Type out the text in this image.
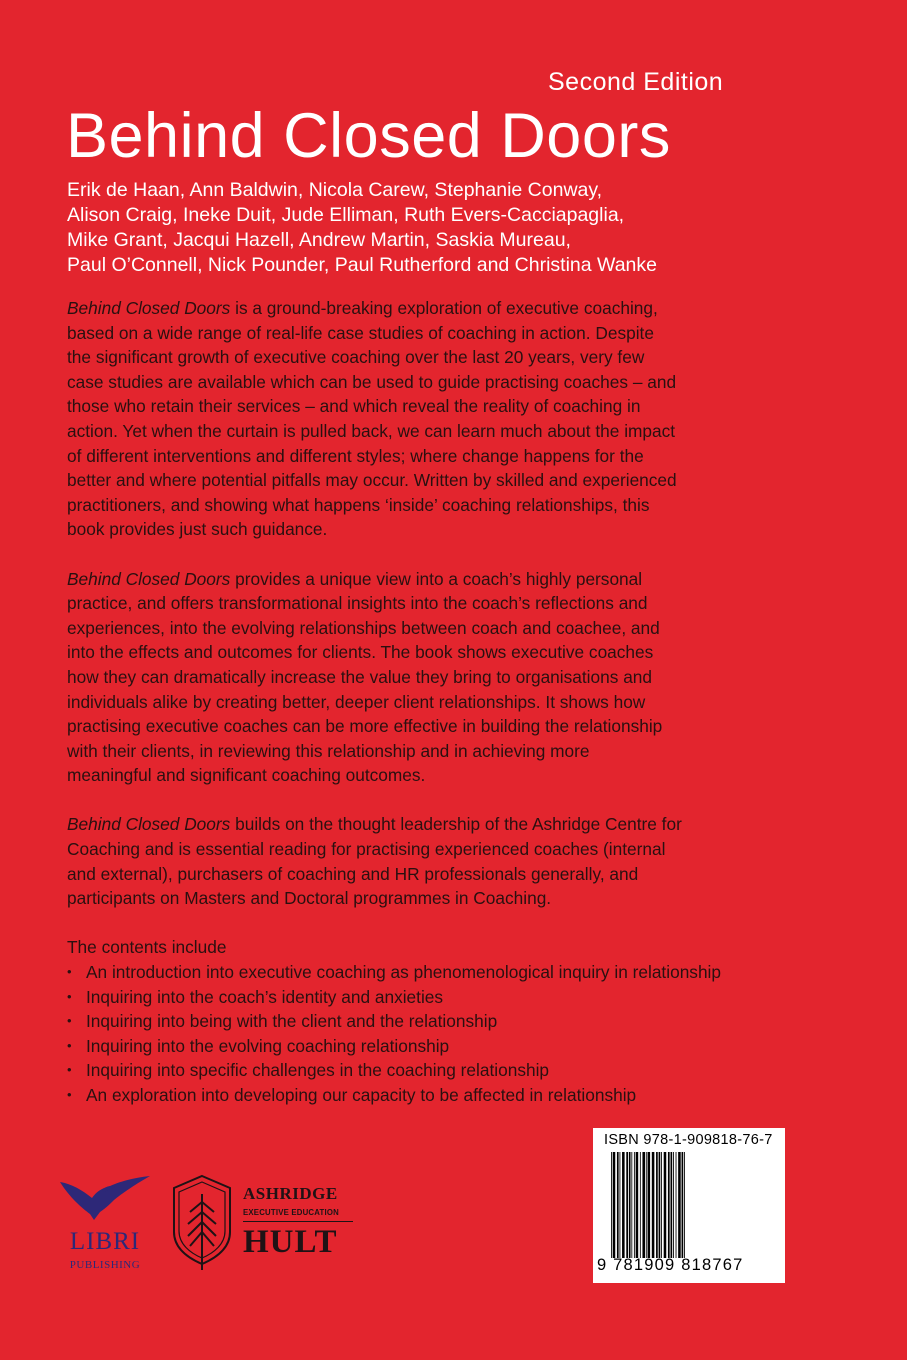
Second Edition
Behind Closed Doors
Erik de Haan, Ann Baldwin, Nicola Carew, Stephanie Conway,
Alison Craig, Ineke Duit, Jude Elliman, Ruth Evers-Cacciapaglia,
Mike Grant, Jacqui Hazell, Andrew Martin, Saskia Mureau,
Paul O’Connell, Nick Pounder, Paul Rutherford and Christina Wanke
Behind Closed Doors is a ground-breaking exploration of executive coaching,
based on a wide range of real-life case studies of coaching in action. Despite
the significant growth of executive coaching over the last 20 years, very few
case studies are available which can be used to guide practising coaches – and
those who retain their services – and which reveal the reality of coaching in
action. Yet when the curtain is pulled back, we can learn much about the impact
of different interventions and different styles; where change happens for the
better and where potential pitfalls may occur. Written by skilled and experienced
practitioners, and showing what happens ‘inside’ coaching relationships, this
book provides just such guidance.
Behind Closed Doors provides a unique view into a coach’s highly personal
practice, and offers transformational insights into the coach’s reflections and
experiences, into the evolving relationships between coach and coachee, and
into the effects and outcomes for clients. The book shows executive coaches
how they can dramatically increase the value they bring to organisations and
individuals alike by creating better, deeper client relationships. It shows how
practising executive coaches can be more effective in building the relationship
with their clients, in reviewing this relationship and in achieving more
meaningful and significant coaching outcomes.
Behind Closed Doors builds on the thought leadership of the Ashridge Centre for
Coaching and is essential reading for practising experienced coaches (internal
and external), purchasers of coaching and HR professionals generally, and
participants on Masters and Doctoral programmes in Coaching.
The contents include
• An introduction into executive coaching as phenomenological inquiry in relationship
• Inquiring into the coach’s identity and anxieties
• Inquiring into being with the client and the relationship
• Inquiring into the evolving coaching relationship
• Inquiring into specific challenges in the coaching relationship
• An exploration into developing our capacity to be affected in relationship
LIBRI
PUBLISHING
ASHRIDGE
EXECUTIVE EDUCATION
HULT
ISBN 978-1-909818-76-7
9 781909 818767
